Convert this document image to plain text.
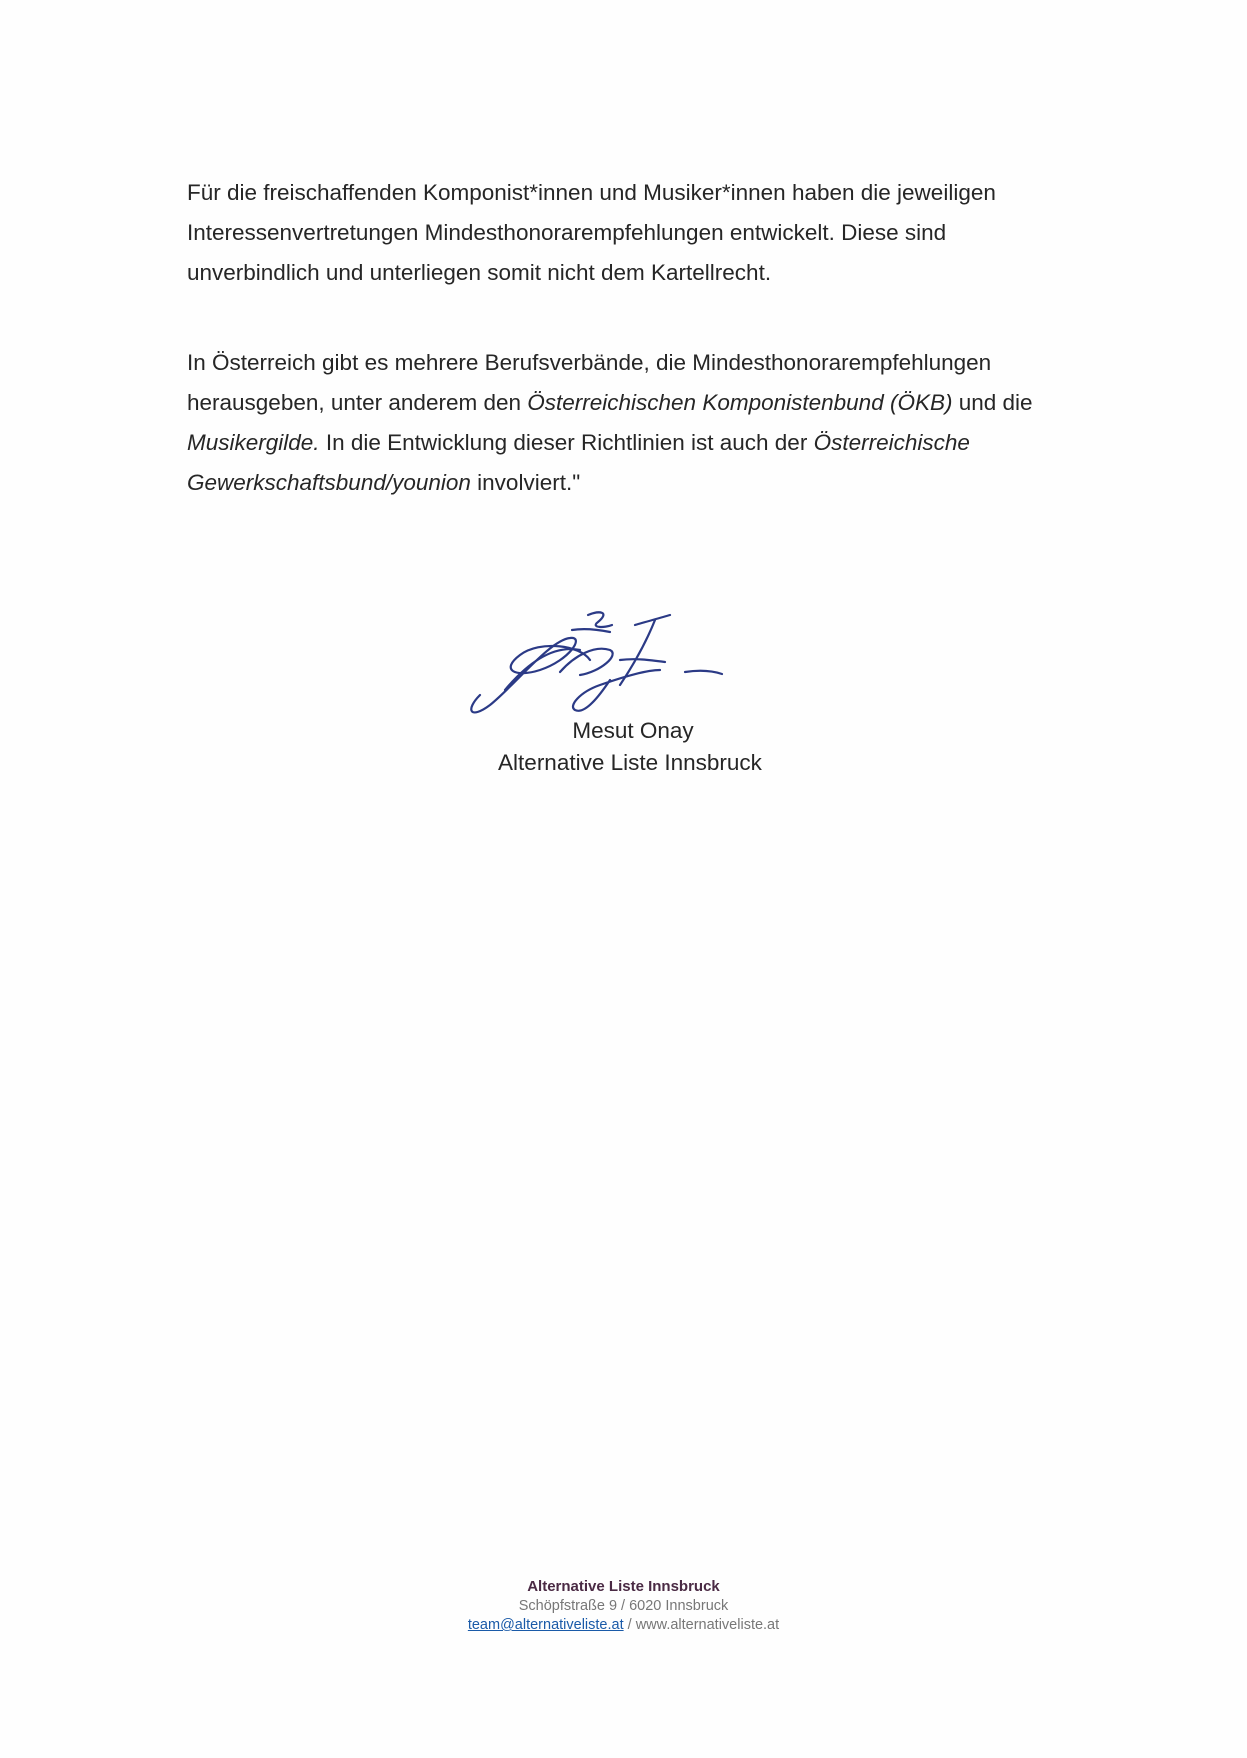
Für die freischaffenden Komponist*innen und Musiker*innen haben die jeweiligen
Interessenvertretungen Mindesthonorarempfehlungen entwickelt. Diese sind
unverbindlich und unterliegen somit nicht dem Kartellrecht.

In Österreich gibt es mehrere Berufsverbände, die Mindesthonorarempfehlungen
herausgeben, unter anderem den Österreichischen Komponistenbund (ÖKB) und die
Musikergilde. In die Entwicklung dieser Richtlinien ist auch der Österreichische
Gewerkschaftsbund/younion involviert."

Mesut Onay
Alternative Liste Innsbruck
Alternative Liste Innsbruck
Schöpfstraße 9 / 6020 Innsbruck
team@alternativeliste.at / www.alternativeliste.at
